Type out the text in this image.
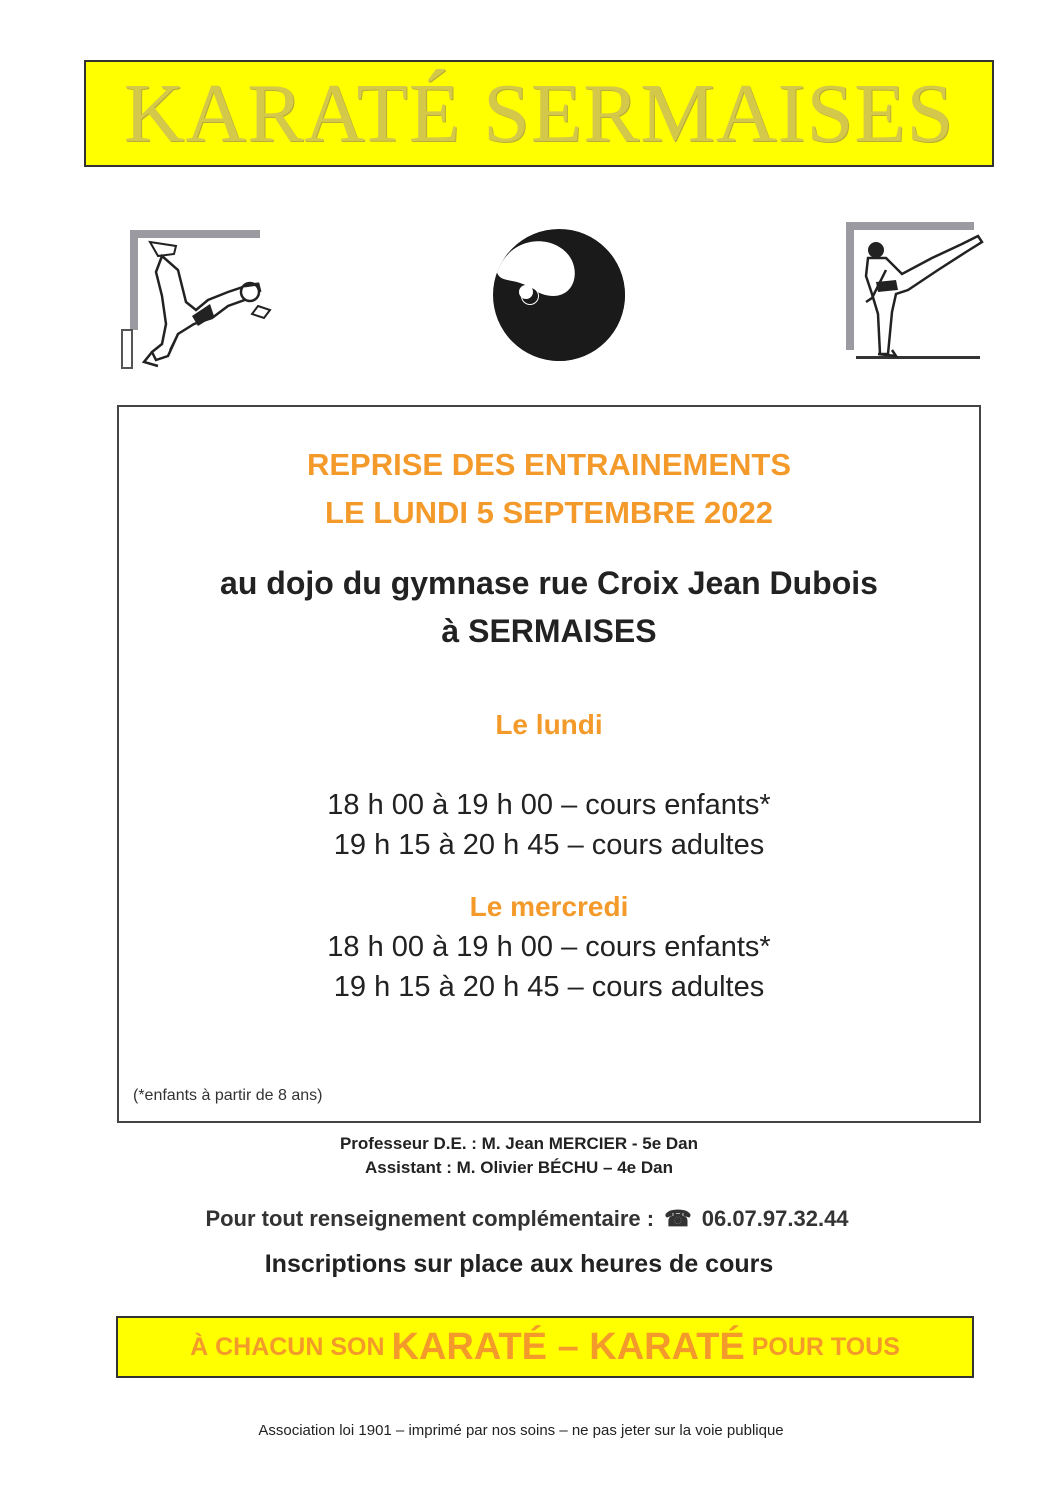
KARATÉ SERMAISES
REPRISE DES ENTRAINEMENTS
LE LUNDI 5 SEPTEMBRE 2022
au dojo du gymnase rue Croix Jean Dubois
à SERMAISES
Le lundi
18 h 00 à 19 h 00 – cours enfants*
19 h 15 à 20 h 45 – cours adultes
Le mercredi
18 h 00 à 19 h 00 – cours enfants*
19 h 15 à 20 h 45 – cours adultes
(*enfants à partir de 8 ans)
Professeur D.E. : M. Jean MERCIER - 5e Dan
Assistant : M. Olivier BÉCHU – 4e Dan
Pour tout renseignement complémentaire : ☎ 06.07.97.32.44
Inscriptions sur place aux heures de cours
À CHACUN SON KARATÉ – KARATÉ POUR TOUS
Association loi 1901 – imprimé par nos soins – ne pas jeter sur la voie publique
